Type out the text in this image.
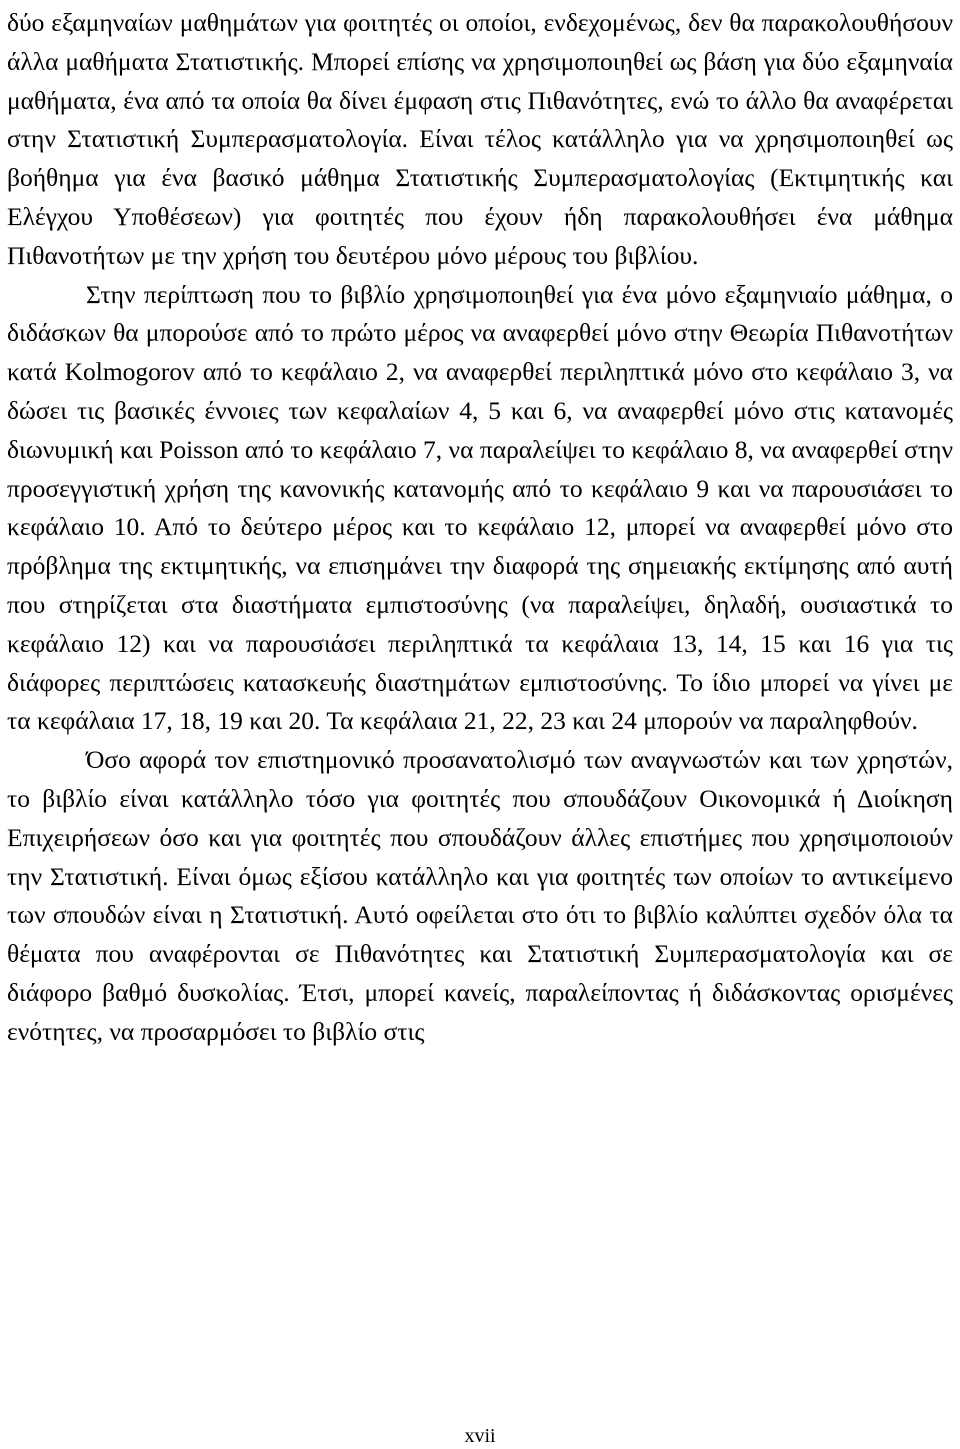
δύο εξαμηναίων μαθημάτων για φοιτητές οι οποίοι, ενδεχομένως, δεν θα παρακολουθήσουν άλλα μαθήματα Στατιστικής. Μπορεί επίσης να χρησιμοποιηθεί ως βάση για δύο εξαμηναία μαθήματα, ένα από τα οποία θα δίνει έμφαση στις Πιθανότητες, ενώ το άλλο θα αναφέρεται στην Στατιστική Συμπερασματολογία. Είναι τέλος κατάλληλο για να χρησιμοποιηθεί ως βοήθημα για ένα βασικό μάθημα Στατιστικής Συμπερασματολογίας (Εκτιμητικής και Ελέγχου Υποθέσεων) για φοιτητές που έχουν ήδη παρακολουθήσει ένα μάθημα Πιθανοτήτων με την χρήση του δευτέρου μόνο μέρους του βιβλίου.

Στην περίπτωση που το βιβλίο χρησιμοποιηθεί για ένα μόνο εξαμηνιαίο μάθημα, ο διδάσκων θα μπορούσε από το πρώτο μέρος να αναφερθεί μόνο στην Θεωρία Πιθανοτήτων κατά Kolmogorov από το κεφάλαιο 2, να αναφερθεί περιληπτικά μόνο στο κεφάλαιο 3, να δώσει τις βασικές έννοιες των κεφαλαίων 4, 5 και 6, να αναφερθεί μόνο στις κατανομές διωνυμική και Poisson από το κεφάλαιο 7, να παραλείψει το κεφάλαιο 8, να αναφερθεί στην προσεγγιστική χρήση της κανονικής κατανομής από το κεφάλαιο 9 και να παρουσιάσει το κεφάλαιο 10. Από το δεύτερο μέρος και το κεφάλαιο 12, μπορεί να αναφερθεί μόνο στο πρόβλημα της εκτιμητικής, να επισημάνει την διαφορά της σημειακής εκτίμησης από αυτή που στηρίζεται στα διαστήματα εμπιστοσύνης (να παραλείψει, δηλαδή, ουσιαστικά το κεφάλαιο 12) και να παρουσιάσει περιληπτικά τα κεφάλαια 13, 14, 15 και 16 για τις διάφορες περιπτώσεις κατασκευής διαστημάτων εμπιστοσύνης. Το ίδιο μπορεί να γίνει με τα κεφάλαια 17, 18, 19 και 20. Τα κεφάλαια 21, 22, 23 και 24 μπορούν να παραληφθούν.

Όσο αφορά τον επιστημονικό προσανατολισμό των αναγνωστών και των χρηστών, το βιβλίο είναι κατάλληλο τόσο για φοιτητές που σπουδάζουν Οικονομικά ή Διοίκηση Επιχειρήσεων όσο και για φοιτητές που σπουδάζουν άλλες επιστήμες που χρησιμοποιούν την Στατιστική. Είναι όμως εξίσου κατάλληλο και για φοιτητές των οποίων το αντικείμενο των σπουδών είναι η Στατιστική. Αυτό οφείλεται στο ότι το βιβλίο καλύπτει σχεδόν όλα τα θέματα που αναφέρονται σε Πιθανότητες και Στατιστική Συμπερασματολογία και σε διάφορο βαθμό δυσκολίας. Έτσι, μπορεί κανείς, παραλείποντας ή διδάσκοντας ορισμένες ενότητες, να προσαρμόσει το βιβλίο στις

xvii
